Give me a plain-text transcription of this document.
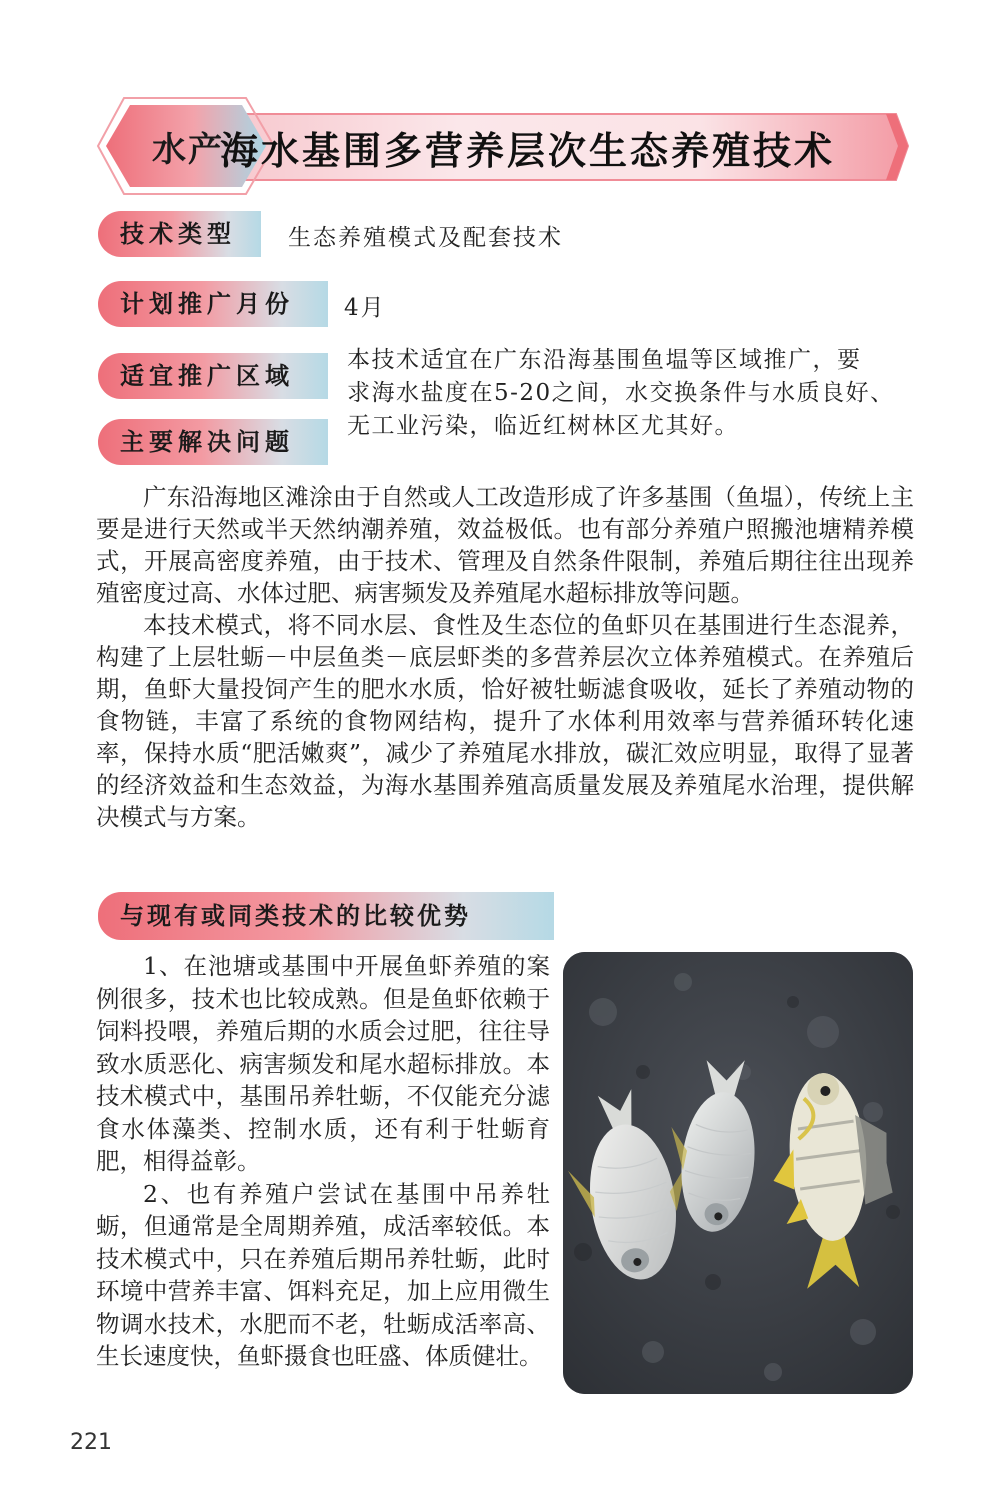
水产
海水基围多营养层次生态养殖技术
技术类型	生态养殖模式及配套技术
计划推广月份	4月
适宜推广区域
本技术适宜在广东沿海基围鱼塭等区域推广，要
求海水盐度在5-20之间，水交换条件与水质良好、
无工业污染，临近红树林区尤其好。
主要解决问题

广东沿海地区滩涂由于自然或人工改造形成了许多基围（鱼塭），传统上主要是进行天然或半天然纳潮养殖，效益极低。也有部分养殖户照搬池塘精养模式，开展高密度养殖，由于技术、管理及自然条件限制，养殖后期往往出现养殖密度过高、水体过肥、病害频发及养殖尾水超标排放等问题。

本技术模式，将不同水层、食性及生态位的鱼虾贝在基围进行生态混养，构建了上层牡蛎－中层鱼类－底层虾类的多营养层次立体养殖模式。在养殖后期，鱼虾大量投饲产生的肥水水质，恰好被牡蛎滤食吸收，延长了养殖动物的食物链，丰富了系统的食物网结构，提升了水体利用效率与营养循环转化速率，保持水质“肥活嫩爽”，减少了养殖尾水排放，碳汇效应明显，取得了显著的经济效益和生态效益，为海水基围养殖高质量发展及养殖尾水治理，提供解决模式与方案。

与现有或同类技术的比较优势

1、在池塘或基围中开展鱼虾养殖的案例很多，技术也比较成熟。但是鱼虾依赖于饲料投喂，养殖后期的水质会过肥，往往导致水质恶化、病害频发和尾水超标排放。本技术模式中，基围吊养牡蛎，不仅能充分滤食水体藻类、控制水质，还有利于牡蛎育肥，相得益彰。

2、也有养殖户尝试在基围中吊养牡蛎，但通常是全周期养殖，成活率较低。本技术模式中，只在养殖后期吊养牡蛎，此时环境中营养丰富、饵料充足，加上应用微生物调水技术，水肥而不老，牡蛎成活率高、生长速度快，鱼虾摄食也旺盛、体质健壮。

221
